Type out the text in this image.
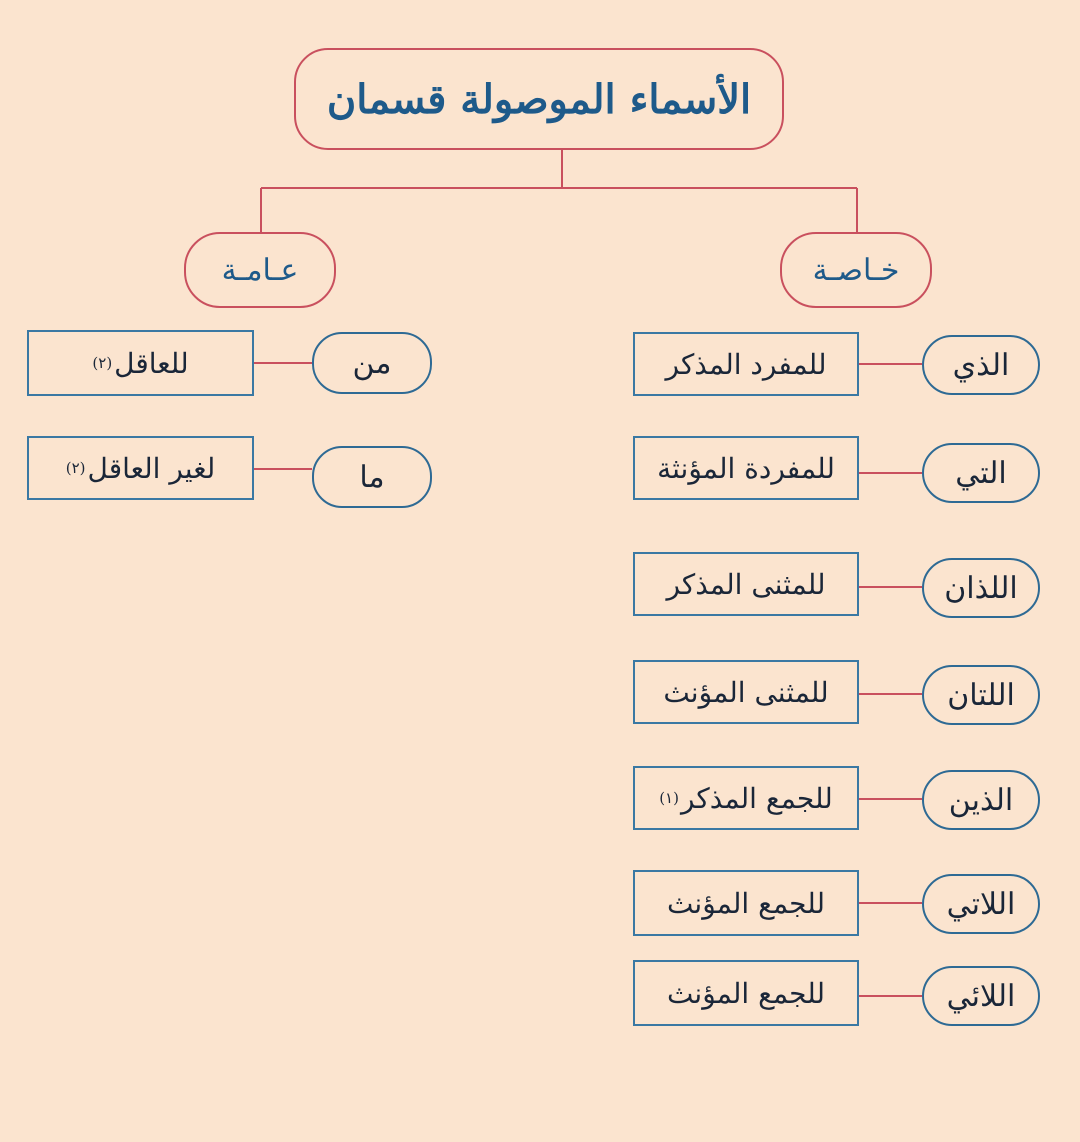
الأسماء الموصولة قسمان
عـامـة	خـاصـة
من
للعاقل
(٢)
ما
لغير العاقل
(٢)
الذي
للمفرد المذكر
التي
للمفردة المؤنثة
اللذان
للمثنى المذكر
اللتان
للمثنى المؤنث
الذين
للجمع المذكر
(١)
اللاتي
للجمع المؤنث
اللائي
للجمع المؤنث
